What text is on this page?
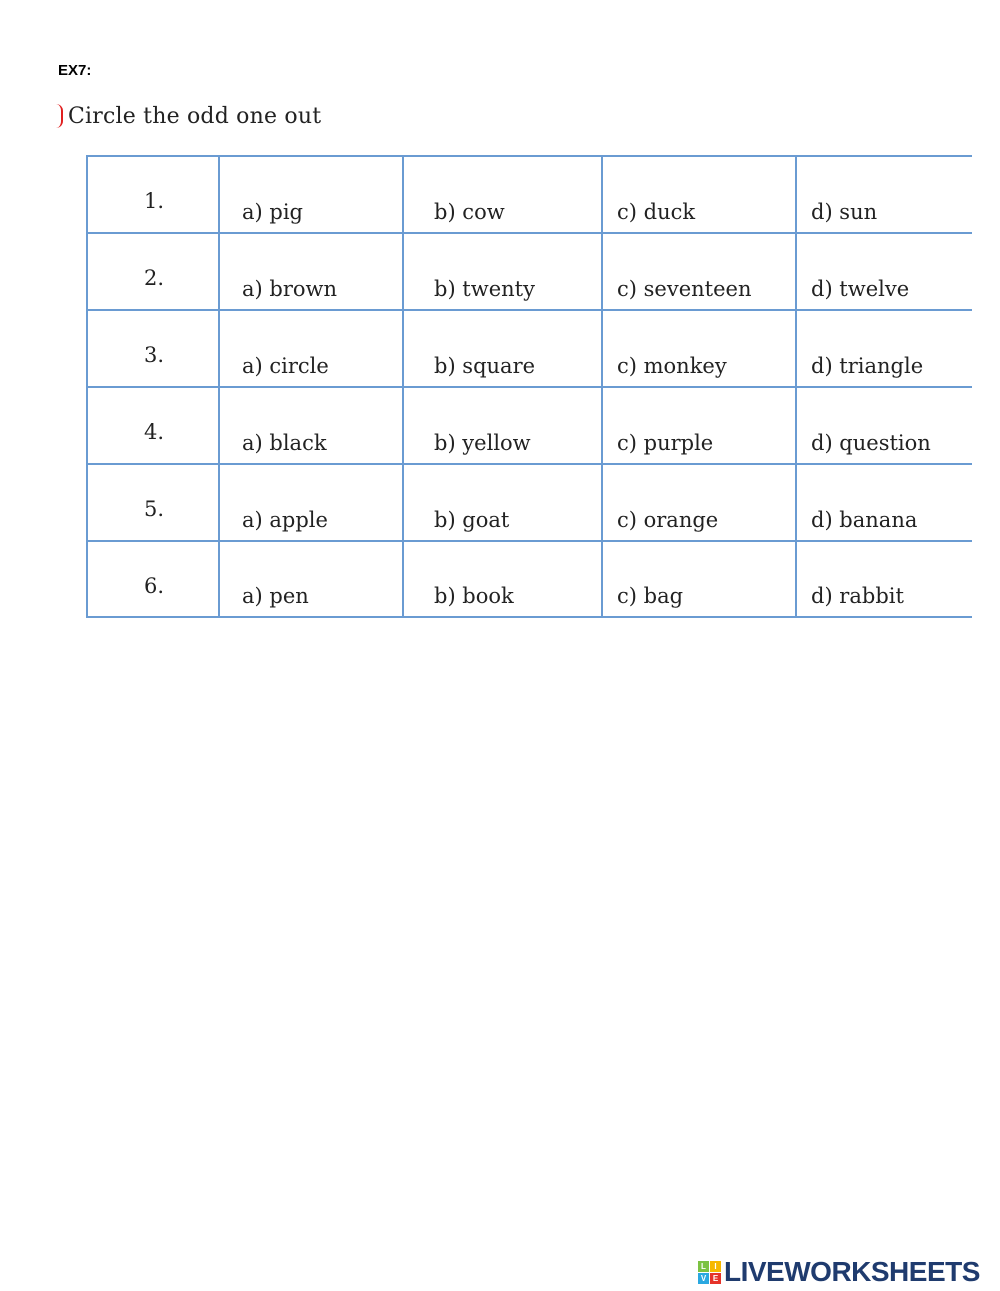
EX7:
Circle the odd one out
1.	a) pig	b) cow	c) duck	d) sun

2.	a) brown	b) twenty	c) seventeen	d) twelve

3.	a) circle	b) square	c) monkey	d) triangle

4.	a) black	b) yellow	c) purple	d) question

5.	a) apple	b) goat	c) orange	d) banana

6.	a) pen	b) book	c) bag	d) rabbit
L	I
V E LIVEWORKSHEETS
